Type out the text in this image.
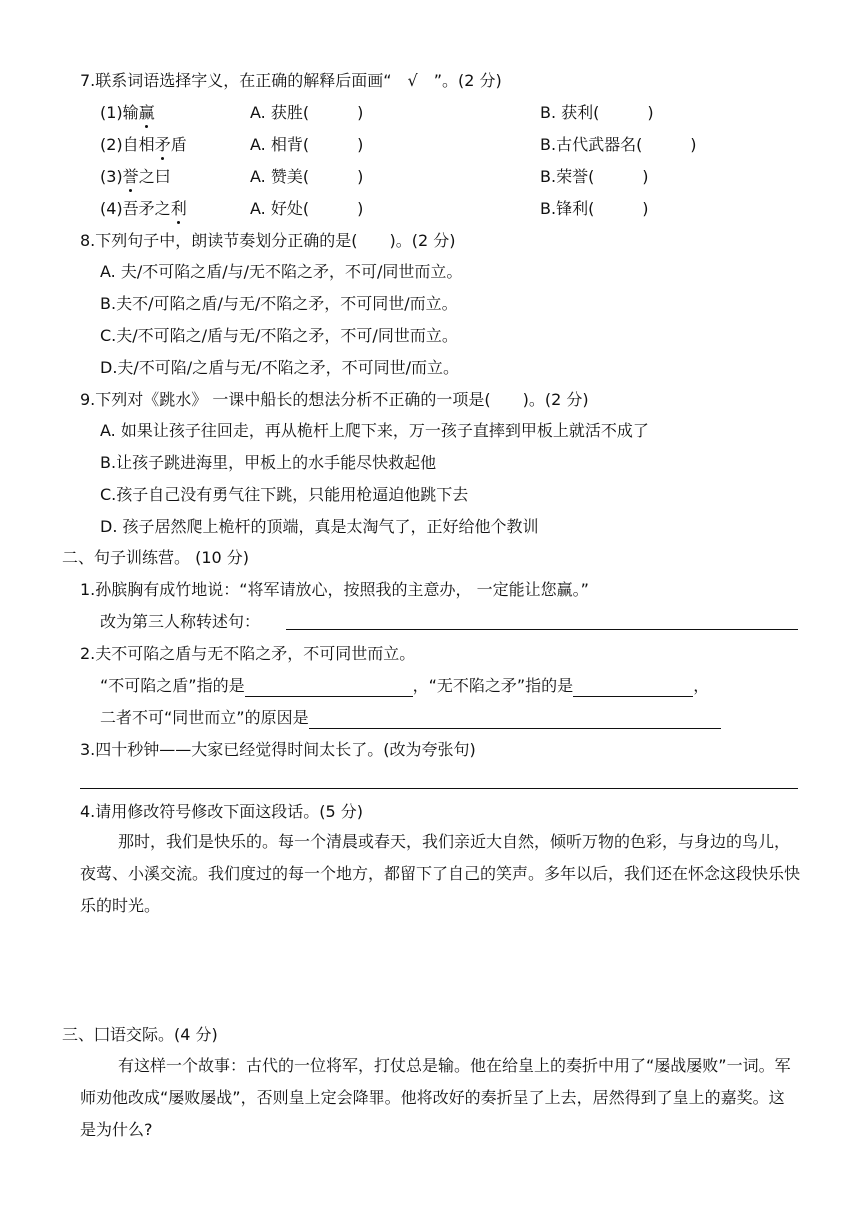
7.联系词语选择字义，在正确的解释后面画“　√　”。(2 分)
(1)输赢	A. 获胜(　　　)	B. 获利(　　　)
(2)自相矛盾	A. 相背(　　　)	B.古代武器名(　　　)
(3)誉之曰	A. 赞美(　　　)	B.荣誉(　　　)
(4)吾矛之利	A. 好处(　　　)	B.锋利(　　　)
8.下列句子中，朗读节奏划分正确的是(　　)。(2 分)
A. 夫/不可陷之盾/与/无不陷之矛，不可/同世而立。
B.夫不/可陷之盾/与无/不陷之矛，不可同世/而立。
C.夫/不可陷之/盾与无/不陷之矛，不可/同世而立。
D.夫/不可陷/之盾与无/不陷之矛，不可同世/而立。
9.下列对《跳水》 一课中船长的想法分析不正确的一项是(　　)。(2 分)
A. 如果让孩子往回走，再从桅杆上爬下来，万一孩子直摔到甲板上就活不成了
B.让孩子跳进海里，甲板上的水手能尽快救起他
C.孩子自己没有勇气往下跳，只能用枪逼迫他跳下去
D. 孩子居然爬上桅杆的顶端，真是太淘气了，正好给他个教训
二、句子训练营。 (10 分)
1.孙膑胸有成竹地说：“将军请放心，按照我的主意办， 一定能让您赢。”
改为第三人称转述句：
2.夫不可陷之盾与无不陷之矛，不可同世而立。
“不可陷之盾”指的是	，“无不陷之矛”指的是	，
二者不可“同世而立”的原因是
3.四十秒钟——大家已经觉得时间太长了。(改为夸张句)
4.请用修改符号修改下面这段话。(5 分)
那时，我们是快乐的。每一个清晨或春天，我们亲近大自然，倾听万物的色彩，与身边的鸟儿，夜莺、小溪交流。我们度过的每一个地方，都留下了自己的笑声。多年以后，我们还在怀念这段快乐快乐的时光。
三、囗语交际。(4 分)
有这样一个故事：古代的一位将军，打仗总是输。他在给皇上的奏折中用了“屡战屡败”一词。军师劝他改成“屡败屡战”，否则皇上定会降罪。他将改好的奏折呈了上去，居然得到了皇上的嘉奖。这是为什么?
